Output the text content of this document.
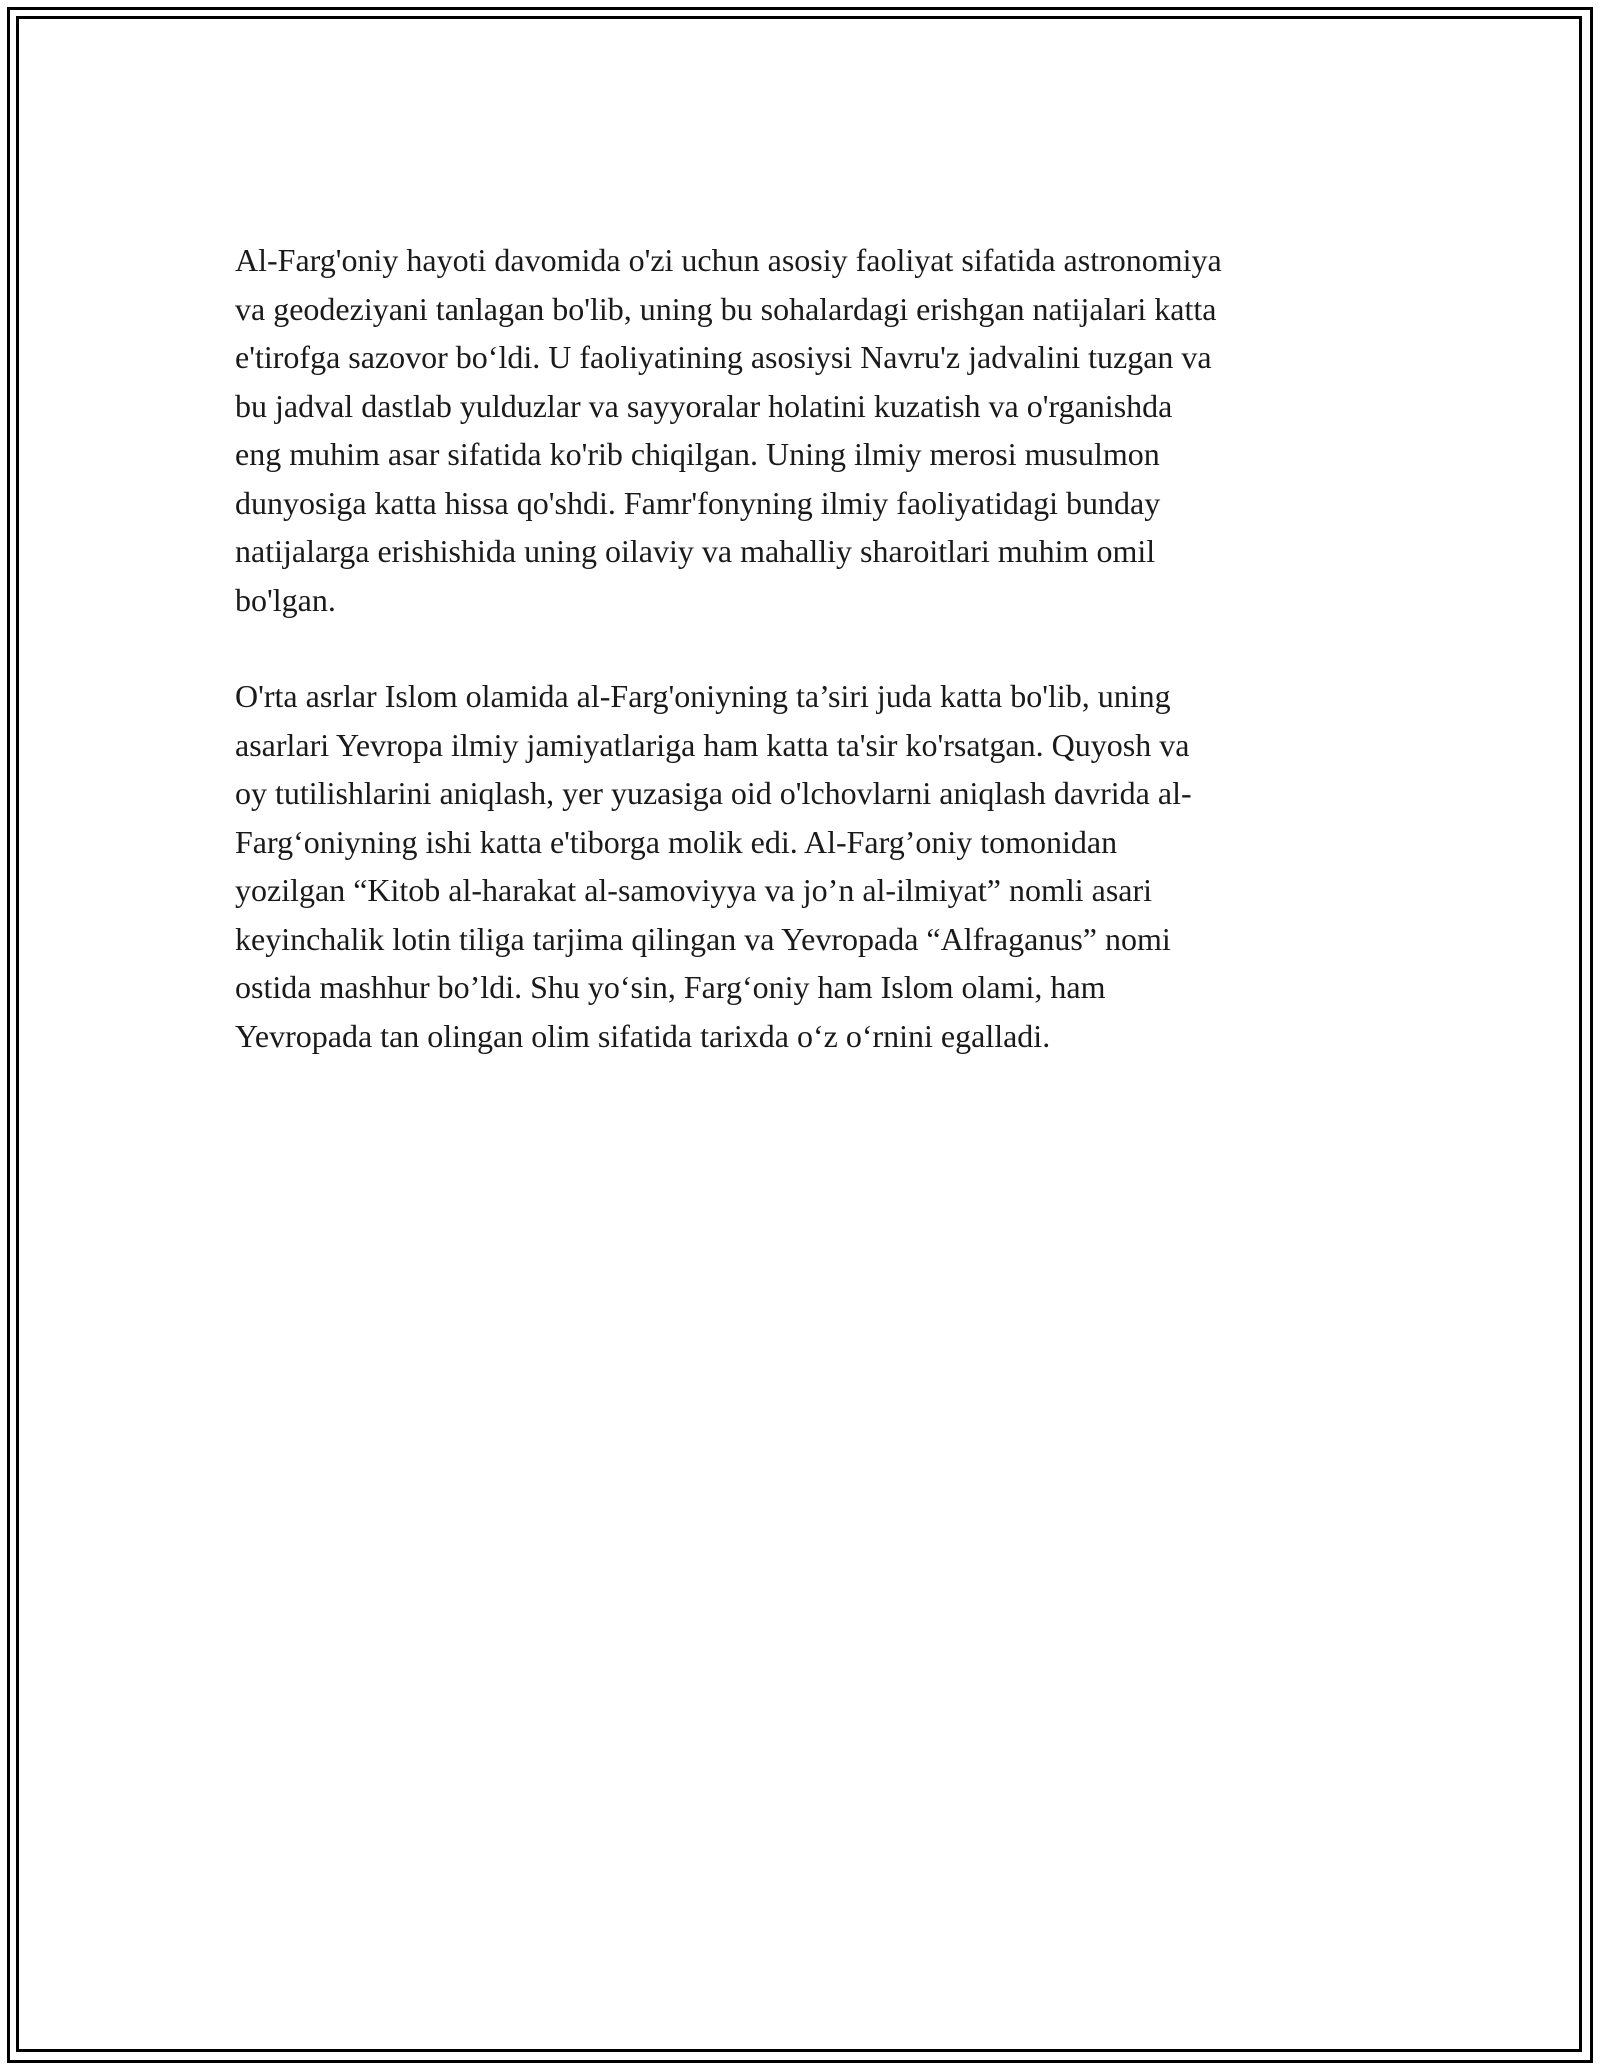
Al-Farg'oniy hayoti davomida o'zi uchun asosiy faoliyat sifatida astronomiya
va geodeziyani tanlagan bo'lib, uning bu sohalardagi erishgan natijalari katta
e'tirofga sazovor bo‘ldi. U faoliyatining asosiysi Navru'z jadvalini tuzgan va
bu jadval dastlab yulduzlar va sayyoralar holatini kuzatish va o'rganishda
eng muhim asar sifatida ko'rib chiqilgan. Uning ilmiy merosi musulmon
dunyosiga katta hissa qo'shdi. Famr'fonyning ilmiy faoliyatidagi bunday
natijalarga erishishida uning oilaviy va mahalliy sharoitlari muhim omil
bo'lgan.

O'rta asrlar Islom olamida al-Farg'oniyning ta’siri juda katta bo'lib, uning
asarlari Yevropa ilmiy jamiyatlariga ham katta ta'sir ko'rsatgan. Quyosh va
oy tutilishlarini aniqlash, yer yuzasiga oid o'lchovlarni aniqlash davrida al-
Farg‘oniyning ishi katta e'tiborga molik edi. Al-Farg’oniy tomonidan
yozilgan “Kitob al-harakat al-samoviyya va jo’n al-ilmiyat” nomli asari
keyinchalik lotin tiliga tarjima qilingan va Yevropada “Alfraganus” nomi
ostida mashhur bo’ldi. Shu yo‘sin, Farg‘oniy ham Islom olami, ham
Yevropada tan olingan olim sifatida tarixda o‘z o‘rnini egalladi.
